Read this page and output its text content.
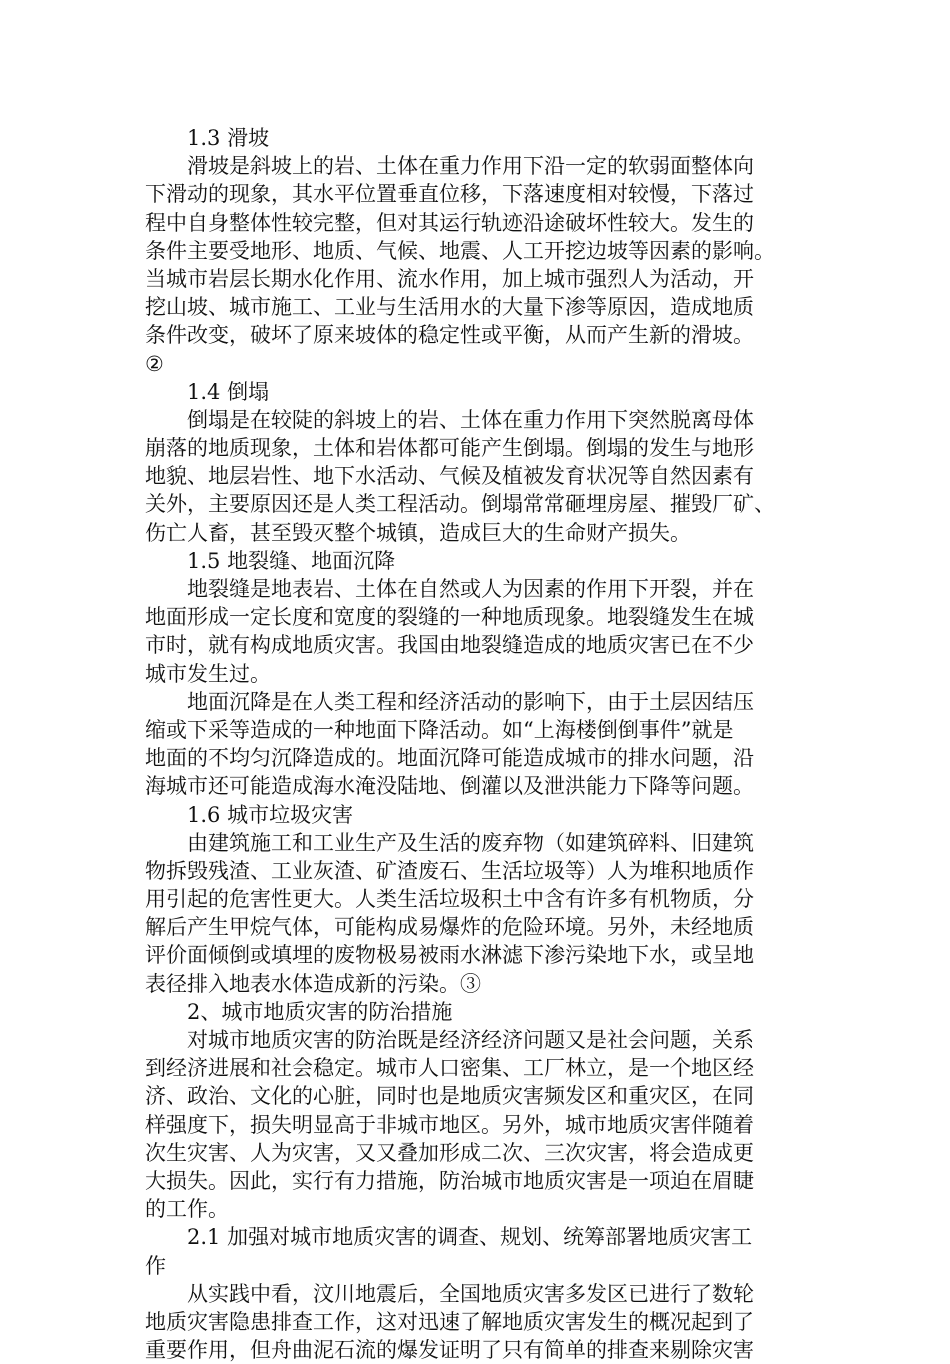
1.3 滑坡
滑坡是斜坡上的岩、土体在重力作用下沿一定的软弱面整体向
下滑动的现象，其水平位置垂直位移，下落速度相对较慢，下落过
程中自身整体性较完整，但对其运行轨迹沿途破坏性较大。发生的
条件主要受地形、地质、气候、地震、人工开挖边坡等因素的影响。
当城市岩层长期水化作用、流水作用，加上城市强烈人为活动，开
挖山坡、城市施工、工业与生活用水的大量下渗等原因，造成地质
条件改变，破坏了原来坡体的稳定性或平衡，从而产生新的滑坡。
②
1.4 倒塌
倒塌是在较陡的斜坡上的岩、土体在重力作用下突然脱离母体
崩落的地质现象，土体和岩体都可能产生倒塌。倒塌的发生与地形
地貌、地层岩性、地下水活动、气候及植被发育状况等自然因素有
关外，主要原因还是人类工程活动。倒塌常常砸埋房屋、摧毁厂矿、
伤亡人畜，甚至毁灭整个城镇，造成巨大的生命财产损失。
1.5 地裂缝、地面沉降
地裂缝是地表岩、土体在自然或人为因素的作用下开裂，并在
地面形成一定长度和宽度的裂缝的一种地质现象。地裂缝发生在城
市时，就有构成地质灾害。我国由地裂缝造成的地质灾害已在不少
城市发生过。
地面沉降是在人类工程和经济活动的影响下，由于土层因结压
缩或下采等造成的一种地面下降活动。如“上海楼倒倒事件”就是
地面的不均匀沉降造成的。地面沉降可能造成城市的排水问题，沿
海城市还可能造成海水淹没陆地、倒灌以及泄洪能力下降等问题。
1.6 城市垃圾灾害
由建筑施工和工业生产及生活的废弃物（如建筑碎料、旧建筑
物拆毁残渣、工业灰渣、矿渣废石、生活垃圾等）人为堆积地质作
用引起的危害性更大。人类生活垃圾积土中含有许多有机物质，分
解后产生甲烷气体，可能构成易爆炸的危险环境。另外，未经地质
评价面倾倒或填埋的废物极易被雨水淋滤下渗污染地下水，或呈地
表径排入地表水体造成新的污染。③
2、城市地质灾害的防治措施
对城市地质灾害的防治既是经济经济问题又是社会问题，关系
到经济进展和社会稳定。城市人口密集、工厂林立，是一个地区经
济、政治、文化的心脏，同时也是地质灾害频发区和重灾区，在同
样强度下，损失明显高于非城市地区。另外，城市地质灾害伴随着
次生灾害、人为灾害，又又叠加形成二次、三次灾害，将会造成更
大损失。因此，实行有力措施，防治城市地质灾害是一项迫在眉睫
的工作。
2.1 加强对城市地质灾害的调查、规划、统筹部署地质灾害工
作
从实践中看，汶川地震后，全国地质灾害多发区已进行了数轮
地质灾害隐患排查工作，这对迅速了解地质灾害发生的概况起到了
重要作用，但舟曲泥石流的爆发证明了只有简单的排查来剔除灾害
